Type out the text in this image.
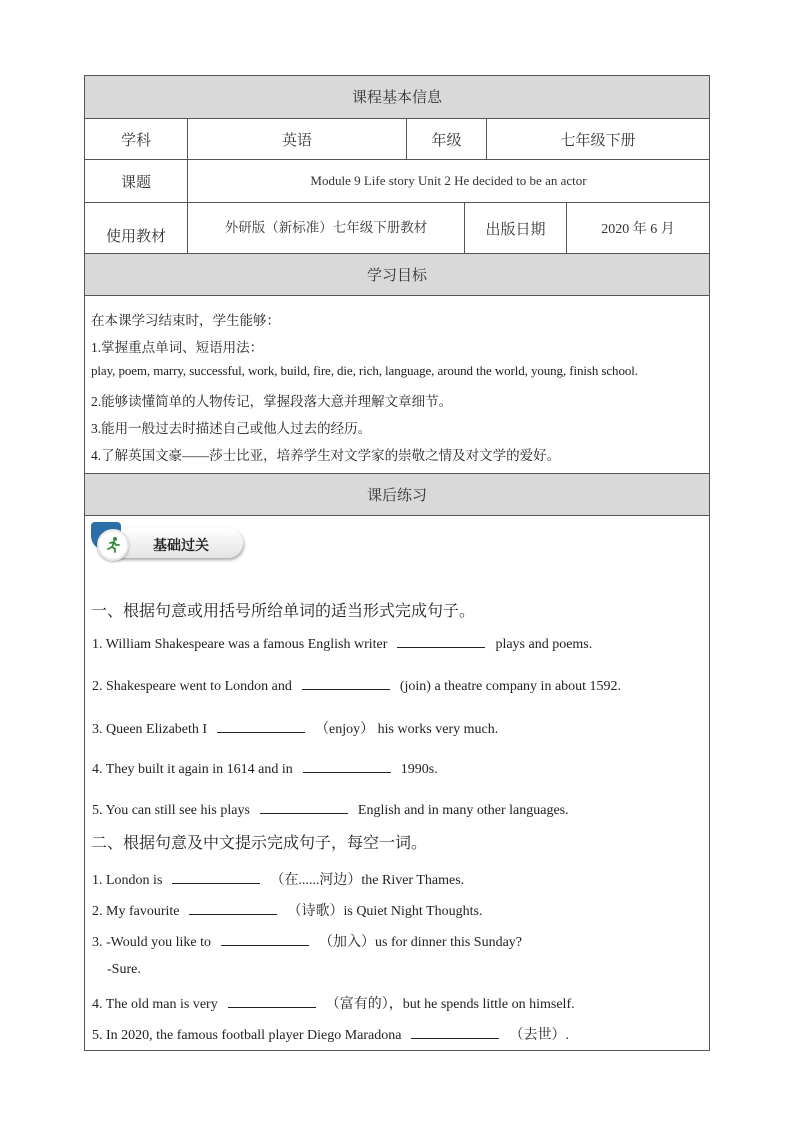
课程基本信息
学科	英语	年级	七年级下册
课题	Module 9 Life story Unit 2 He decided to be an actor
使用教材	外研版（新标准）七年级下册教材	出版日期	2020 年 6 月
学习目标
在本课学习结束时，学生能够：
1.掌握重点单词、短语用法：
play, poem, marry, successful, work, build, fire, die, rich, language, around the world, young, finish school.
2.能够读懂简单的人物传记，掌握段落大意并理解文章细节。
3.能用一般过去时描述自己或他人过去的经历。
4.了解英国文豪——莎士比亚，培养学生对文学家的崇敬之情及对文学的爱好。
课后练习
基础过关
一、根据句意或用括号所给单词的适当形式完成句子。
1. William Shakespeare was a famous English writer	plays and poems.
2. Shakespeare went to London and	(join) a theatre company in about 1592.
3. Queen Elizabeth I	（enjoy） his works very much.
4. They built it again in 1614 and in	1990s.
5. You can still see his plays	English and in many other languages.
二、根据句意及中文提示完成句子，每空一词。
1. London is	（在......河边）the River Thames.
2. My favourite	（诗歌）is Quiet Night Thoughts.
3. -Would you like to	（加入）us for dinner this Sunday?
-Sure.
4. The old man is very	（富有的），but he spends little on himself.
5. In 2020, the famous football player Diego Maradona	（去世）.
